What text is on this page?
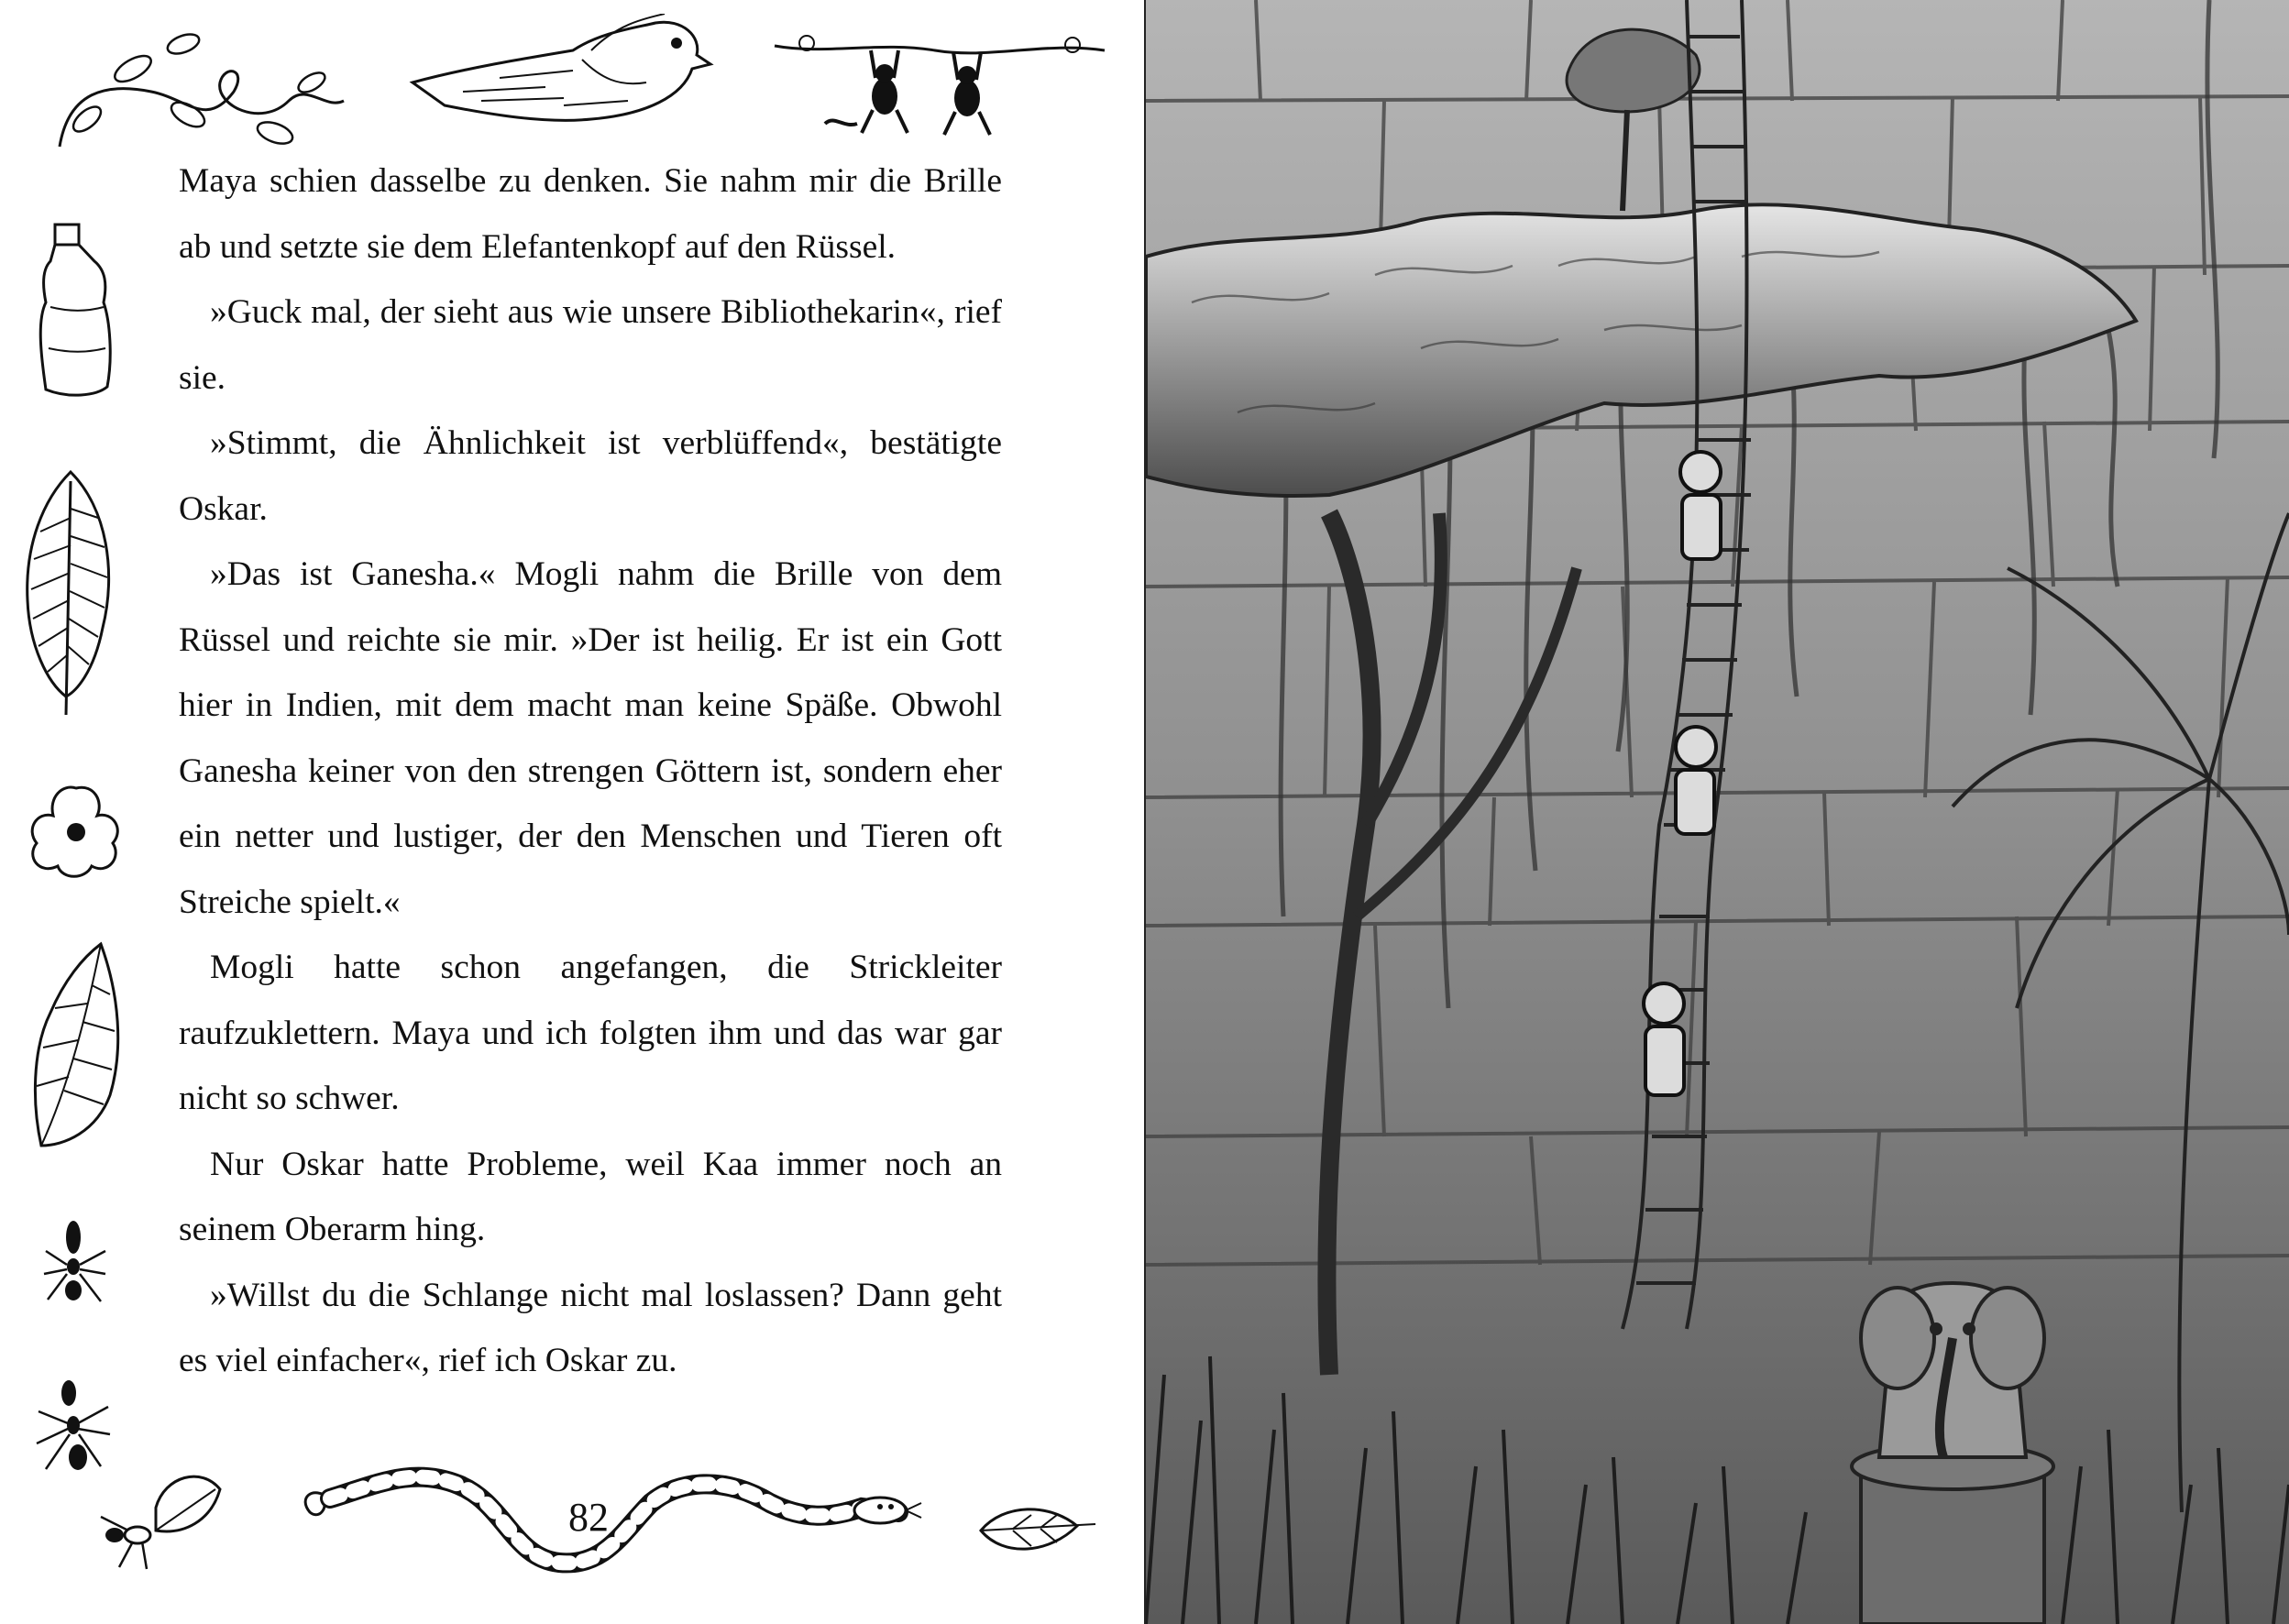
Maya schien dasselbe zu denken. Sie nahm mir die Brille ab und setzte sie dem Elefantenkopf auf den Rüssel.

»Guck mal, der sieht aus wie unsere Bibliothekarin«, rief sie.

»Stimmt, die Ähnlichkeit ist verblüffend«, bestätigte Oskar.

»Das ist Ganesha.« Mogli nahm die Brille von dem Rüssel und reichte sie mir. »Der ist heilig. Er ist ein Gott hier in Indien, mit dem macht man keine Späße. Obwohl Ganesha keiner von den strengen Göttern ist, sondern eher ein netter und lustiger, der den Menschen und Tieren oft Streiche spielt.«

Mogli hatte schon angefangen, die Strickleiter raufzuklettern. Maya und ich folgten ihm und das war gar nicht so schwer.

Nur Oskar hatte Probleme, weil Kaa immer noch an seinem Oberarm hing.

»Willst du die Schlange nicht mal loslassen? Dann geht es viel einfacher«, rief ich Oskar zu.

82
